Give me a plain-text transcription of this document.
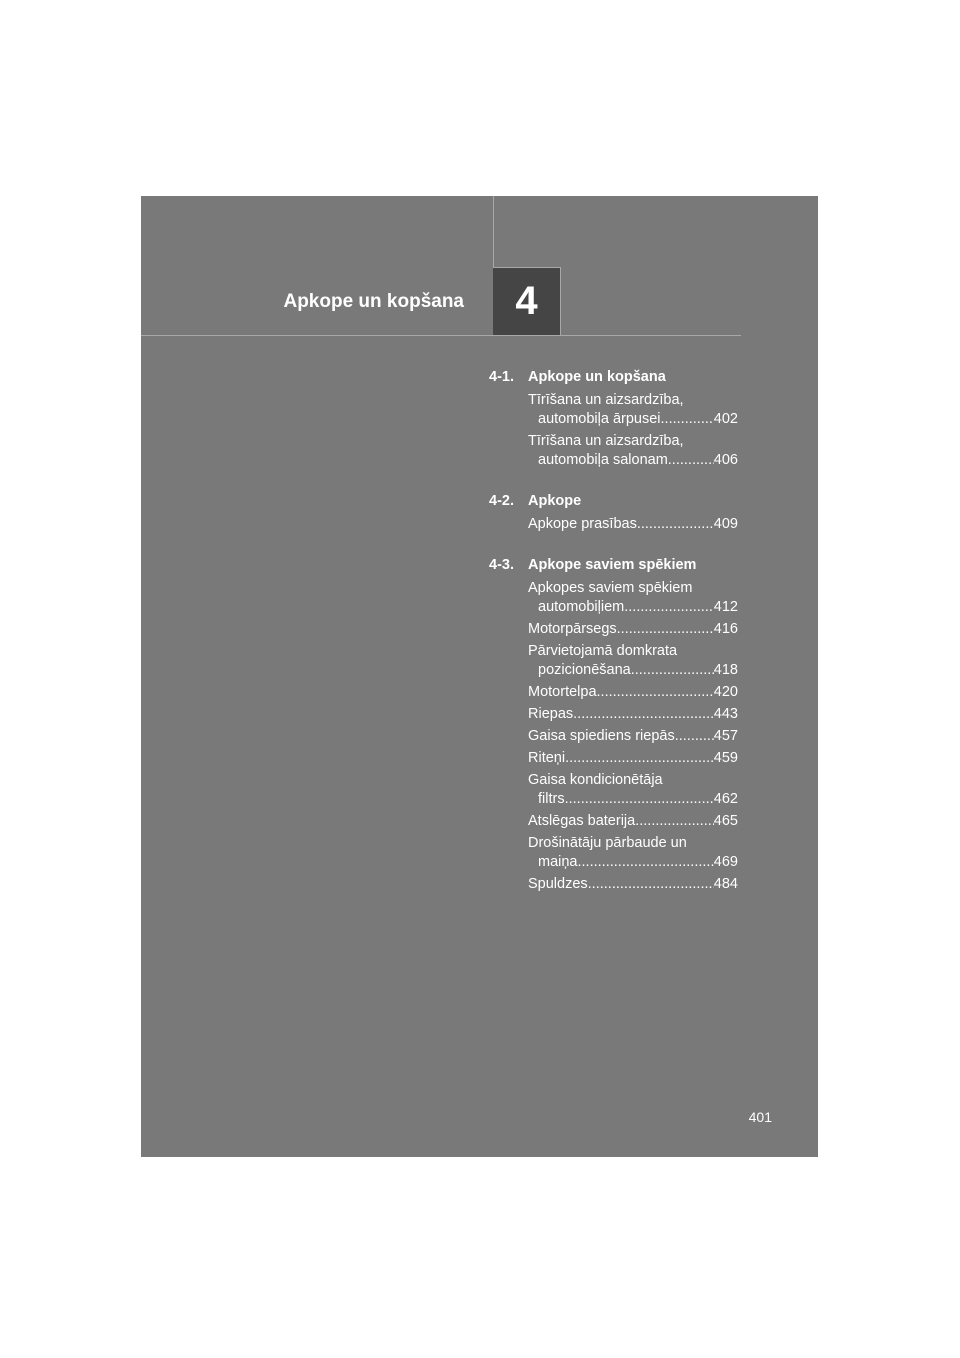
Apkope un kopšana	4
4-1. Apkope un kopšana
Tīrīšana un aizsardzība,
automobiļa ārpusei .....	402
Tīrīšana un aizsardzība,
automobiļa salonam .....	406
4-2. Apkope
Apkope prasības .....	409
4-3. Apkope saviem spēkiem
Apkopes saviem spēkiem
automobiļiem .....	412
Motorpārsegs .....	416
Pārvietojamā domkrata
pozicionēšana .....	418
Motortelpa .....	420
Riepas .....	443
Gaisa spiediens riepās .....	457
Riteņi .....	459
Gaisa kondicionētāja
filtrs .....	462
Atslēgas baterija .....	465
Drošinātāju pārbaude un
maiņa .....	469
Spuldzes .....	484
401
